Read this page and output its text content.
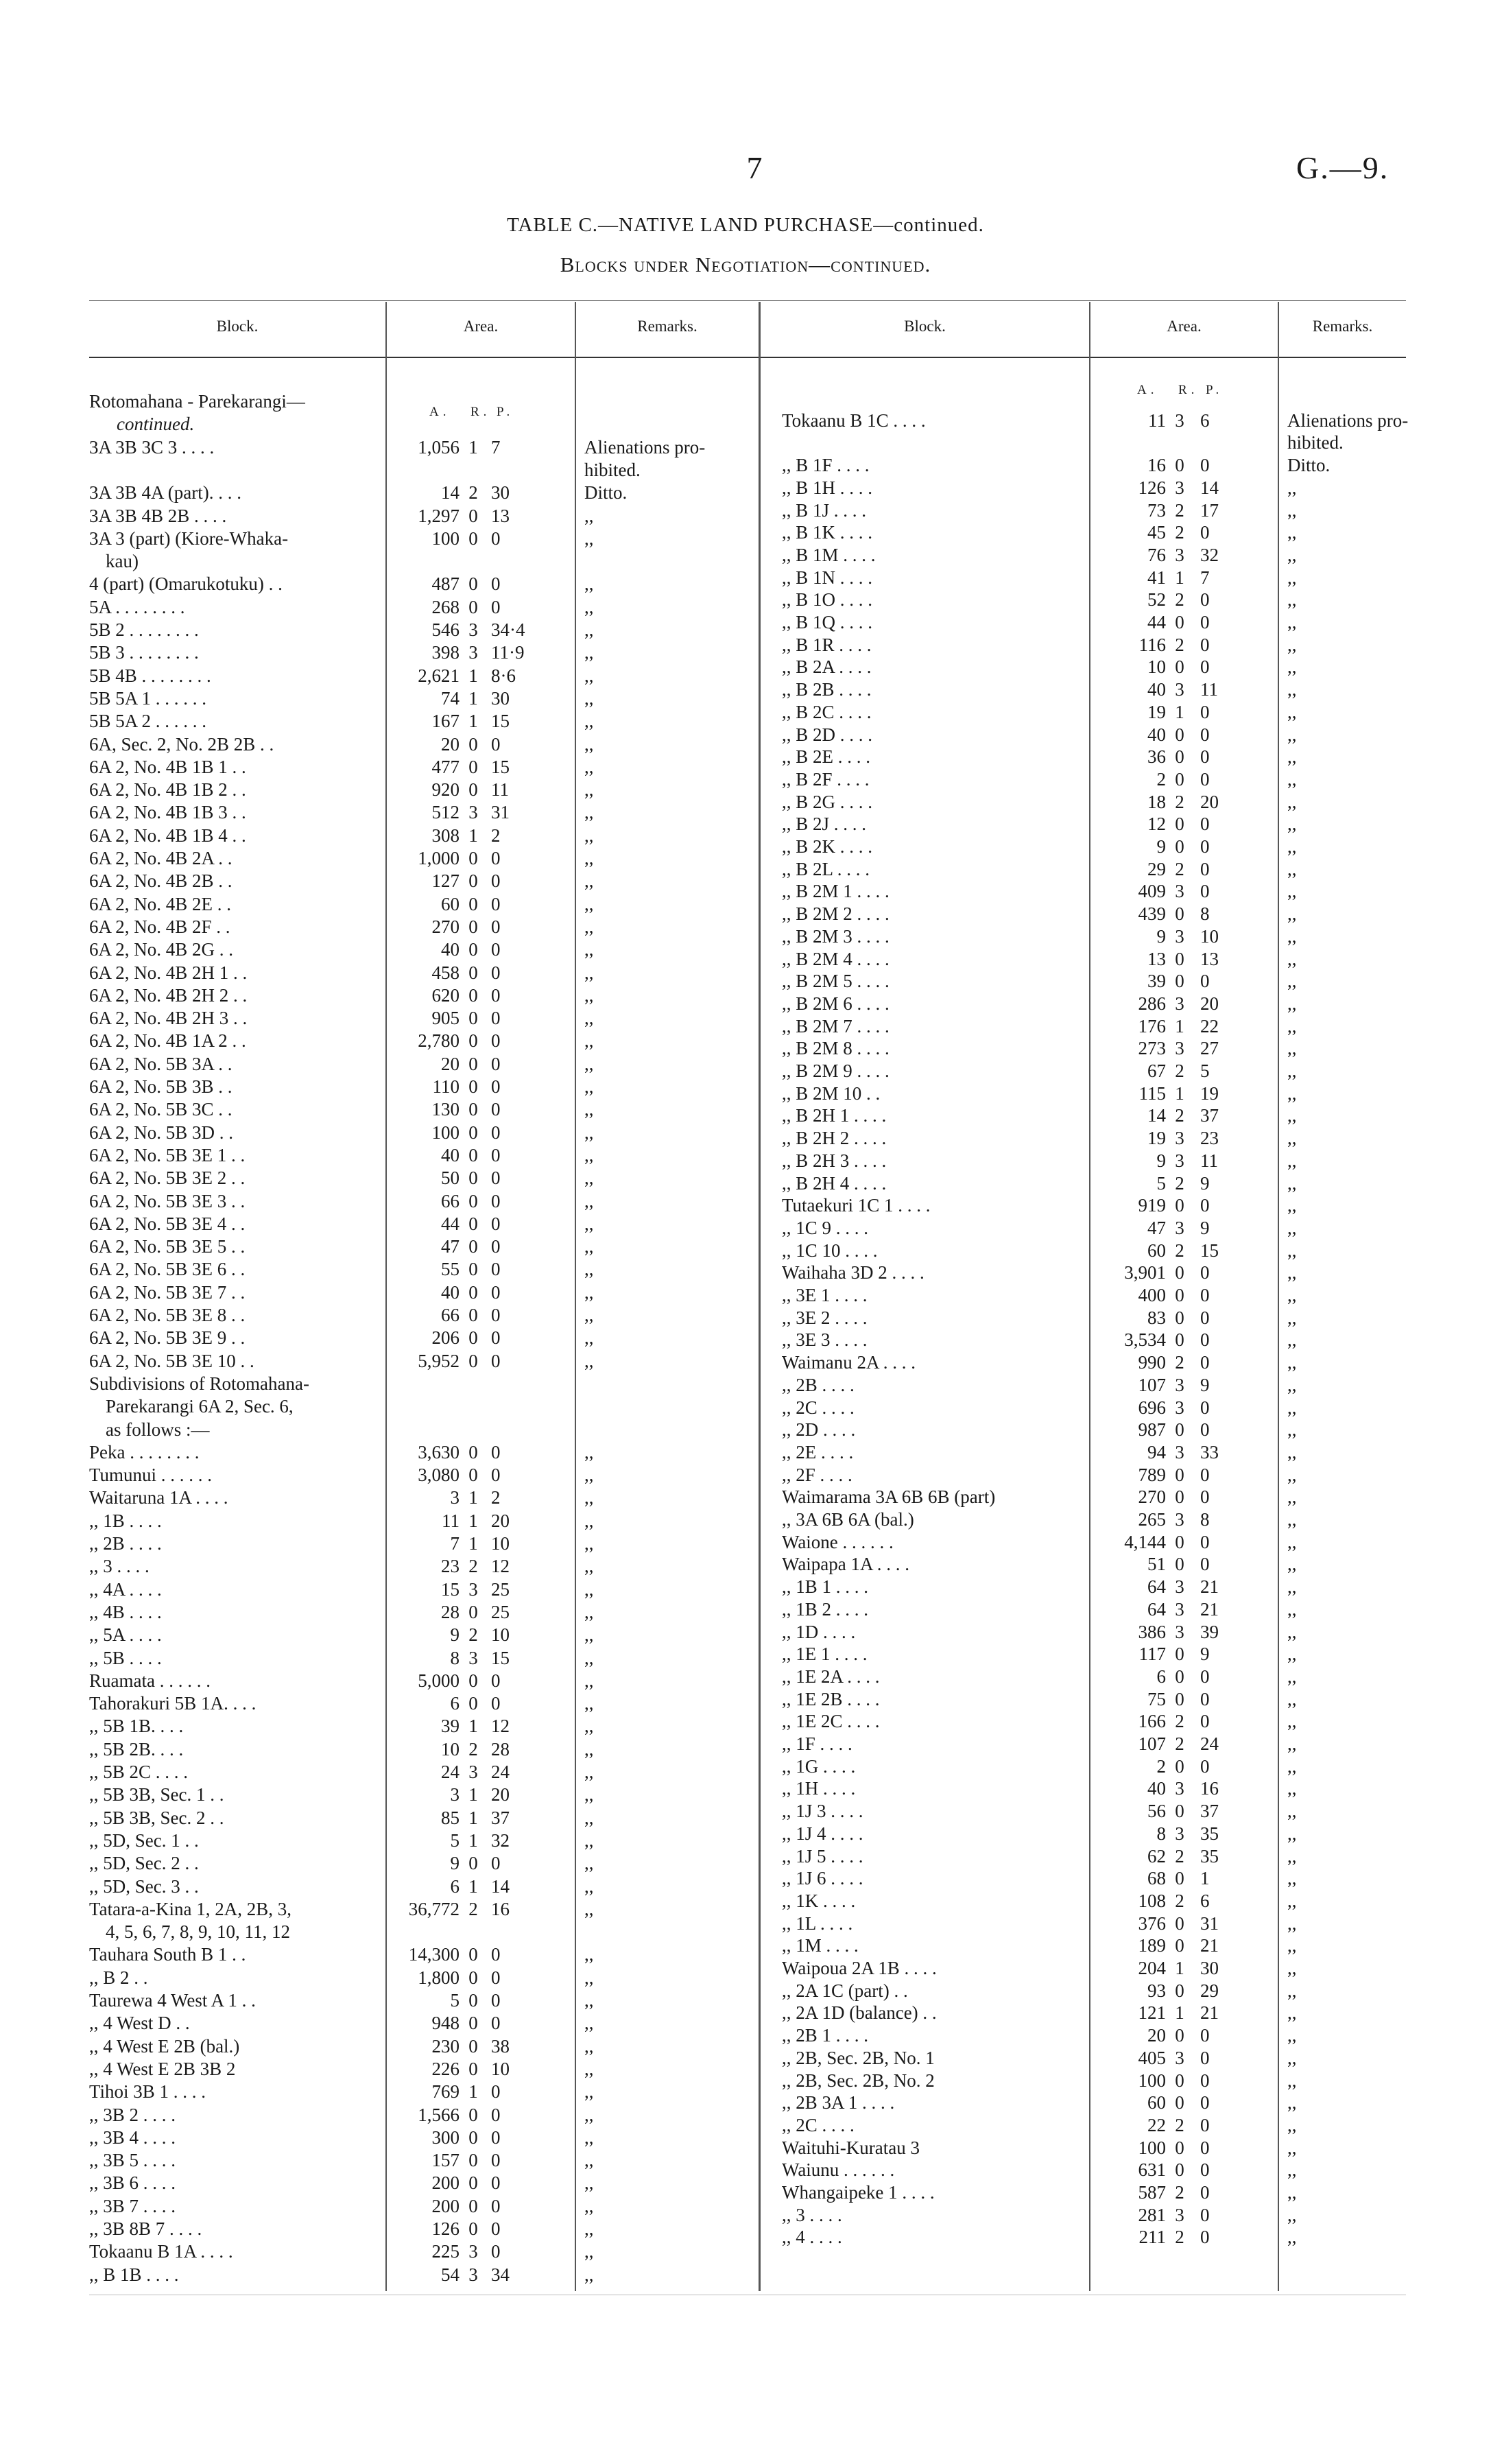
7	G.—9.
TABLE C.—NATIVE LAND PURCHASE—continued.
Blocks under Negotiation—continued.
Block.	Area.	Remarks.	Block.	Area.	Remarks.
A. R. P.
A. R. P.
Rotomahana - Parekarangi—
continued.
3A 3B 3C 3 . . . .	1,056 1 7	Alienations pro-
hibited.
3A 3B 4A (part). . . .	14 2 30	Ditto.
3A 3B 4B 2B . . . .	1,297 0 13	,,
3A 3 (part) (Kiore-Whaka-	100 0 0	,,
kau)
4 (part) (Omarukotuku) . .	487 0 0	,,
5A . . . . . . . .	268 0 0	,,
5B 2 . . . . . . . .	546 3 34·4	,,
5B 3 . . . . . . . .	398 3 11·9	,,
5B 4B . . . . . . . .	2,621 1 8·6	,,
5B 5A 1 . . . . . .	74 1 30	,,
5B 5A 2 . . . . . .	167 1 15	,,
6A, Sec. 2, No. 2B 2B . .	20 0 0	,,
6A 2, No. 4B 1B 1 . .	477 0 15	,,
6A 2, No. 4B 1B 2 . .	920 0 11	,,
6A 2, No. 4B 1B 3 . .	512 3 31	,,
6A 2, No. 4B 1B 4 . .	308 1 2	,,
6A 2, No. 4B 2A . .	1,000 0 0	,,
6A 2, No. 4B 2B . .	127 0 0	,,
6A 2, No. 4B 2E . .	60 0 0	,,
6A 2, No. 4B 2F . .	270 0 0	,,
6A 2, No. 4B 2G . .	40 0 0	,,
6A 2, No. 4B 2H 1 . .	458 0 0	,,
6A 2, No. 4B 2H 2 . .	620 0 0	,,
6A 2, No. 4B 2H 3 . .	905 0 0	,,
6A 2, No. 4B 1A 2 . .	2,780 0 0	,,
6A 2, No. 5B 3A . .	20 0 0	,,
6A 2, No. 5B 3B . .	110 0 0	,,
6A 2, No. 5B 3C . .	130 0 0	,,
6A 2, No. 5B 3D . .	100 0 0	,,
6A 2, No. 5B 3E 1 . .	40 0 0	,,
6A 2, No. 5B 3E 2 . .	50 0 0	,,
6A 2, No. 5B 3E 3 . .	66 0 0	,,
6A 2, No. 5B 3E 4 . .	44 0 0	,,
6A 2, No. 5B 3E 5 . .	47 0 0	,,
6A 2, No. 5B 3E 6 . .	55 0 0	,,
6A 2, No. 5B 3E 7 . .	40 0 0	,,
6A 2, No. 5B 3E 8 . .	66 0 0	,,
6A 2, No. 5B 3E 9 . .	206 0 0	,,
6A 2, No. 5B 3E 10 . .	5,952 0 0	,,
Subdivisions of Rotomahana-
Parekarangi 6A 2, Sec. 6,
as follows :—
Peka . . . . . . . .	3,630 0 0	,,
Tumunui . . . . . .	3,080 0 0	,,
Waitaruna 1A . . . .	3 1 2	,,
,, 1B . . . .	11 1 20	,,
,, 2B . . . .	7 1 10	,,
,, 3 . . . .	23 2 12	,,
,, 4A . . . .	15 3 25	,,
,, 4B . . . .	28 0 25	,,
,, 5A . . . .	9 2 10	,,
,, 5B . . . .	8 3 15	,,
Ruamata . . . . . .	5,000 0 0	,,
Tahorakuri 5B 1A. . . .	6 0 0	,,
,, 5B 1B. . . .	39 1 12	,,
,, 5B 2B. . . .	10 2 28	,,
,, 5B 2C . . . .	24 3 24	,,
,, 5B 3B, Sec. 1 . .	3 1 20	,,
,, 5B 3B, Sec. 2 . .	85 1 37	,,
,, 5D, Sec. 1 . .	5 1 32	,,
,, 5D, Sec. 2 . .	9 0 0	,,
,, 5D, Sec. 3 . .	6 1 14	,,
Tatara-a-Kina 1, 2A, 2B, 3,	36,772 2 16	,,
4, 5, 6, 7, 8, 9, 10, 11, 12
Tauhara South B 1 . .	14,300 0 0	,,
,, B 2 . .	1,800 0 0	,,
Taurewa 4 West A 1 . .	5 0 0	,,
,, 4 West D . .	948 0 0	,,
,, 4 West E 2B (bal.)	230 0 38	,,
,, 4 West E 2B 3B 2	226 0 10	,,
Tihoi 3B 1 . . . .	769 1 0	,,
,, 3B 2 . . . .	1,566 0 0	,,
,, 3B 4 . . . .	300 0 0	,,
,, 3B 5 . . . .	157 0 0	,,
,, 3B 6 . . . .	200 0 0	,,
,, 3B 7 . . . .	200 0 0	,,
,, 3B 8B 7 . . . .	126 0 0	,,
Tokaanu B 1A . . . .	225 3 0	,,
,, B 1B . . . .	54 3 34	,,
Tokaanu B 1C . . . .	11 3 6	Alienations pro-
hibited.
,, B 1F . . . .	16 0 0	Ditto.
,, B 1H . . . .	126 3 14	,,
,, B 1J . . . .	73 2 17	,,
,, B 1K . . . .	45 2 0	,,
,, B 1M . . . .	76 3 32	,,
,, B 1N . . . .	41 1 7	,,
,, B 1O . . . .	52 2 0	,,
,, B 1Q . . . .	44 0 0	,,
,, B 1R . . . .	116 2 0	,,
,, B 2A . . . .	10 0 0	,,
,, B 2B . . . .	40 3 11	,,
,, B 2C . . . .	19 1 0	,,
,, B 2D . . . .	40 0 0	,,
,, B 2E . . . .	36 0 0	,,
,, B 2F . . . .	2 0 0	,,
,, B 2G . . . .	18 2 20	,,
,, B 2J . . . .	12 0 0	,,
,, B 2K . . . .	9 0 0	,,
,, B 2L . . . .	29 2 0	,,
,, B 2M 1 . . . .	409 3 0	,,
,, B 2M 2 . . . .	439 0 8	,,
,, B 2M 3 . . . .	9 3 10	,,
,, B 2M 4 . . . .	13 0 13	,,
,, B 2M 5 . . . .	39 0 0	,,
,, B 2M 6 . . . .	286 3 20	,,
,, B 2M 7 . . . .	176 1 22	,,
,, B 2M 8 . . . .	273 3 27	,,
,, B 2M 9 . . . .	67 2 5	,,
,, B 2M 10 . .	115 1 19	,,
,, B 2H 1 . . . .	14 2 37	,,
,, B 2H 2 . . . .	19 3 23	,,
,, B 2H 3 . . . .	9 3 11	,,
,, B 2H 4 . . . .	5 2 9	,,
Tutaekuri 1C 1 . . . .	919 0 0	,,
,, 1C 9 . . . .	47 3 9	,,
,, 1C 10 . . . .	60 2 15	,,
Waihaha 3D 2 . . . .	3,901 0 0	,,
,, 3E 1 . . . .	400 0 0	,,
,, 3E 2 . . . .	83 0 0	,,
,, 3E 3 . . . .	3,534 0 0	,,
Waimanu 2A . . . .	990 2 0	,,
,, 2B . . . .	107 3 9	,,
,, 2C . . . .	696 3 0	,,
,, 2D . . . .	987 0 0	,,
,, 2E . . . .	94 3 33	,,
,, 2F . . . .	789 0 0	,,
Waimarama 3A 6B 6B (part)	270 0 0	,,
,, 3A 6B 6A (bal.)	265 3 8	,,
Waione . . . . . .	4,144 0 0	,,
Waipapa 1A . . . .	51 0 0	,,
,, 1B 1 . . . .	64 3 21	,,
,, 1B 2 . . . .	64 3 21	,,
,, 1D . . . .	386 3 39	,,
,, 1E 1 . . . .	117 0 9	,,
,, 1E 2A . . . .	6 0 0	,,
,, 1E 2B . . . .	75 0 0	,,
,, 1E 2C . . . .	166 2 0	,,
,, 1F . . . .	107 2 24	,,
,, 1G . . . .	2 0 0	,,
,, 1H . . . .	40 3 16	,,
,, 1J 3 . . . .	56 0 37	,,
,, 1J 4 . . . .	8 3 35	,,
,, 1J 5 . . . .	62 2 35	,,
,, 1J 6 . . . .	68 0 1	,,
,, 1K . . . .	108 2 6	,,
,, 1L . . . .	376 0 31	,,
,, 1M . . . .	189 0 21	,,
Waipoua 2A 1B . . . .	204 1 30	,,
,, 2A 1C (part) . .	93 0 29	,,
,, 2A 1D (balance) . .	121 1 21	,,
,, 2B 1 . . . .	20 0 0	,,
,, 2B, Sec. 2B, No. 1	405 3 0	,,
,, 2B, Sec. 2B, No. 2	100 0 0	,,
,, 2B 3A 1 . . . .	60 0 0	,,
,, 2C . . . .	22 2 0	,,
Waituhi-Kuratau 3	100 0 0	,,
Waiunu . . . . . .	631 0 0	,,
Whangaipeke 1 . . . .	587 2 0	,,
,, 3 . . . .	281 3 0	,,
,, 4 . . . .	211 2 0	,,
